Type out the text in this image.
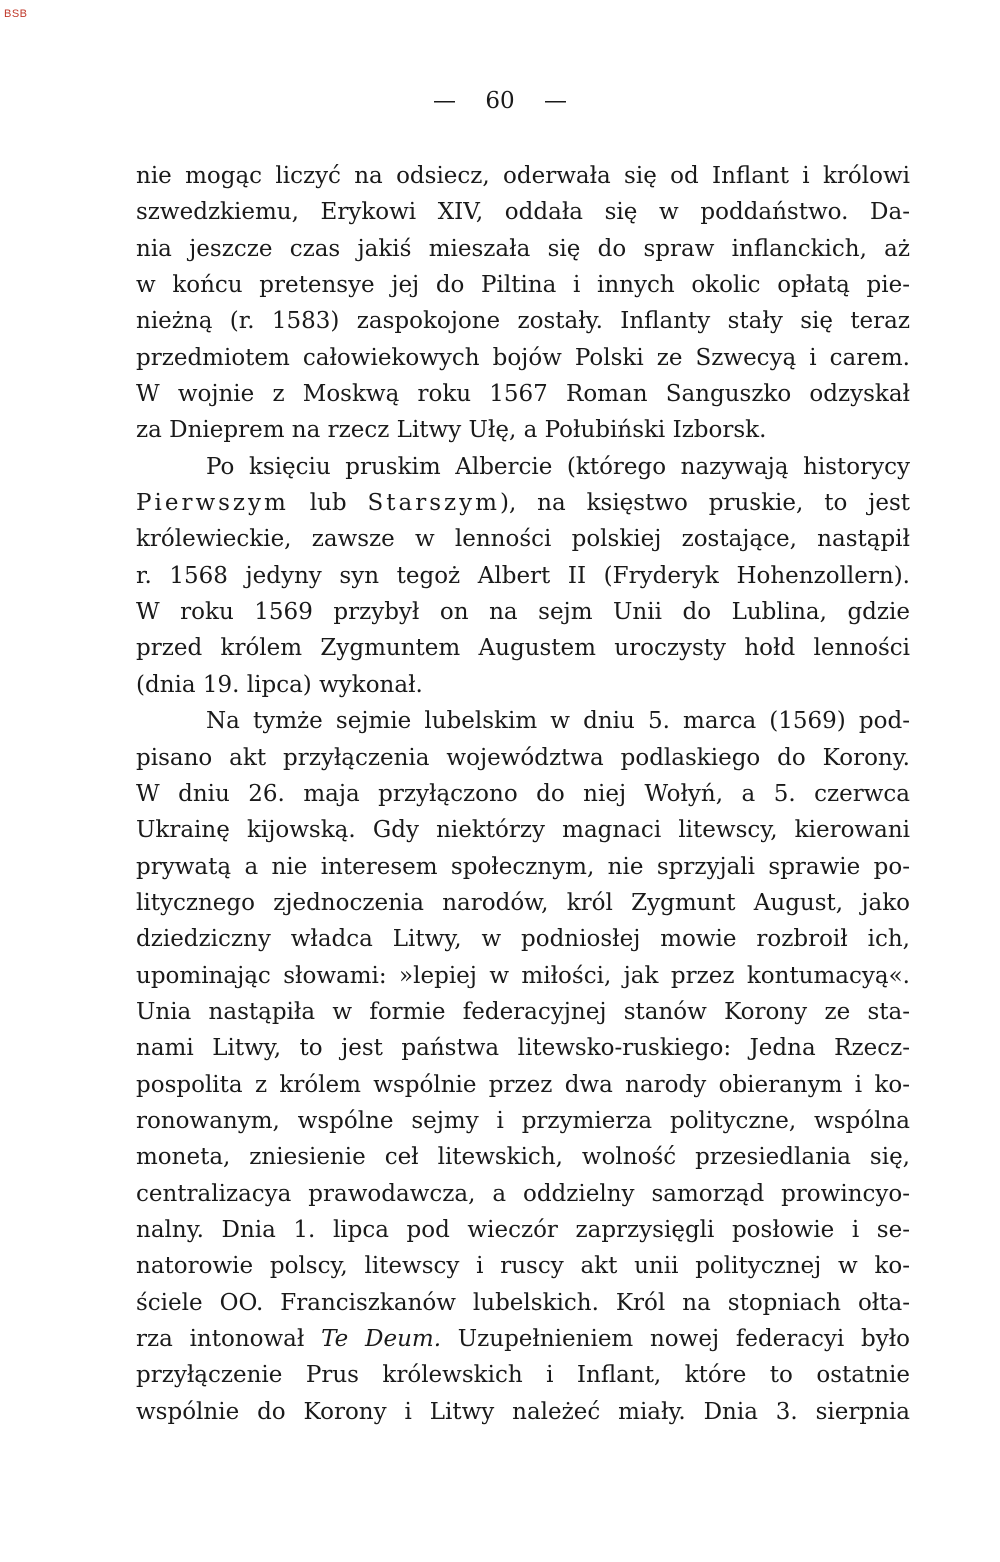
BSB
— 60 —
nie mogąc liczyć na odsiecz, oderwała się od Inflant i królowi
szwedzkiemu, Erykowi XIV, oddała się w poddaństwo. Da-
nia jeszcze czas jakiś mieszała się do spraw inflanckich, aż
w końcu pretensye jej do Piltina i innych okolic opłatą pie-
nieżną (r. 1583) zaspokojone zostały. Inflanty stały się teraz
przedmiotem całowiekowych bojów Polski ze Szwecyą i carem.
W wojnie z Moskwą roku 1567 Roman Sanguszko odzyskał
za Dnieprem na rzecz Litwy Ułę, a Połubiński Izborsk.
Po księciu pruskim Albercie (którego nazywają historycy
Pierwszym lub Starszym), na księstwo pruskie, to jest
królewieckie, zawsze w lenności polskiej zostające, nastąpił
r. 1568 jedyny syn tegoż Albert II (Fryderyk Hohenzollern).
W roku 1569 przybył on na sejm Unii do Lublina, gdzie
przed królem Zygmuntem Augustem uroczysty hołd lenności
(dnia 19. lipca) wykonał.
Na tymże sejmie lubelskim w dniu 5. marca (1569) pod-
pisano akt przyłączenia województwa podlaskiego do Korony.
W dniu 26. maja przyłączono do niej Wołyń, a 5. czerwca
Ukrainę kijowską. Gdy niektórzy magnaci litewscy, kierowani
prywatą a nie interesem społecznym, nie sprzyjali sprawie po-
litycznego zjednoczenia narodów, król Zygmunt August, jako
dziedziczny władca Litwy, w podniosłej mowie rozbroił ich,
upominając słowami: »lepiej w miłości, jak przez kontumacyą«.
Unia nastąpiła w formie federacyjnej stanów Korony ze sta-
nami Litwy, to jest państwa litewsko-ruskiego: Jedna Rzecz-
pospolita z królem wspólnie przez dwa narody obieranym i ko-
ronowanym, wspólne sejmy i przymierza polityczne, wspólna
moneta, zniesienie ceł litewskich, wolność przesiedlania się,
centralizacya prawodawcza, a oddzielny samorząd prowincyo-
nalny. Dnia 1. lipca pod wieczór zaprzysięgli posłowie i se-
natorowie polscy, litewscy i ruscy akt unii politycznej w ko-
ściele OO. Franciszkanów lubelskich. Król na stopniach ołta-
rza intonował Te Deum. Uzupełnieniem nowej federacyi było
przyłączenie Prus królewskich i Inflant, które to ostatnie
wspólnie do Korony i Litwy należeć miały. Dnia 3. sierpnia
